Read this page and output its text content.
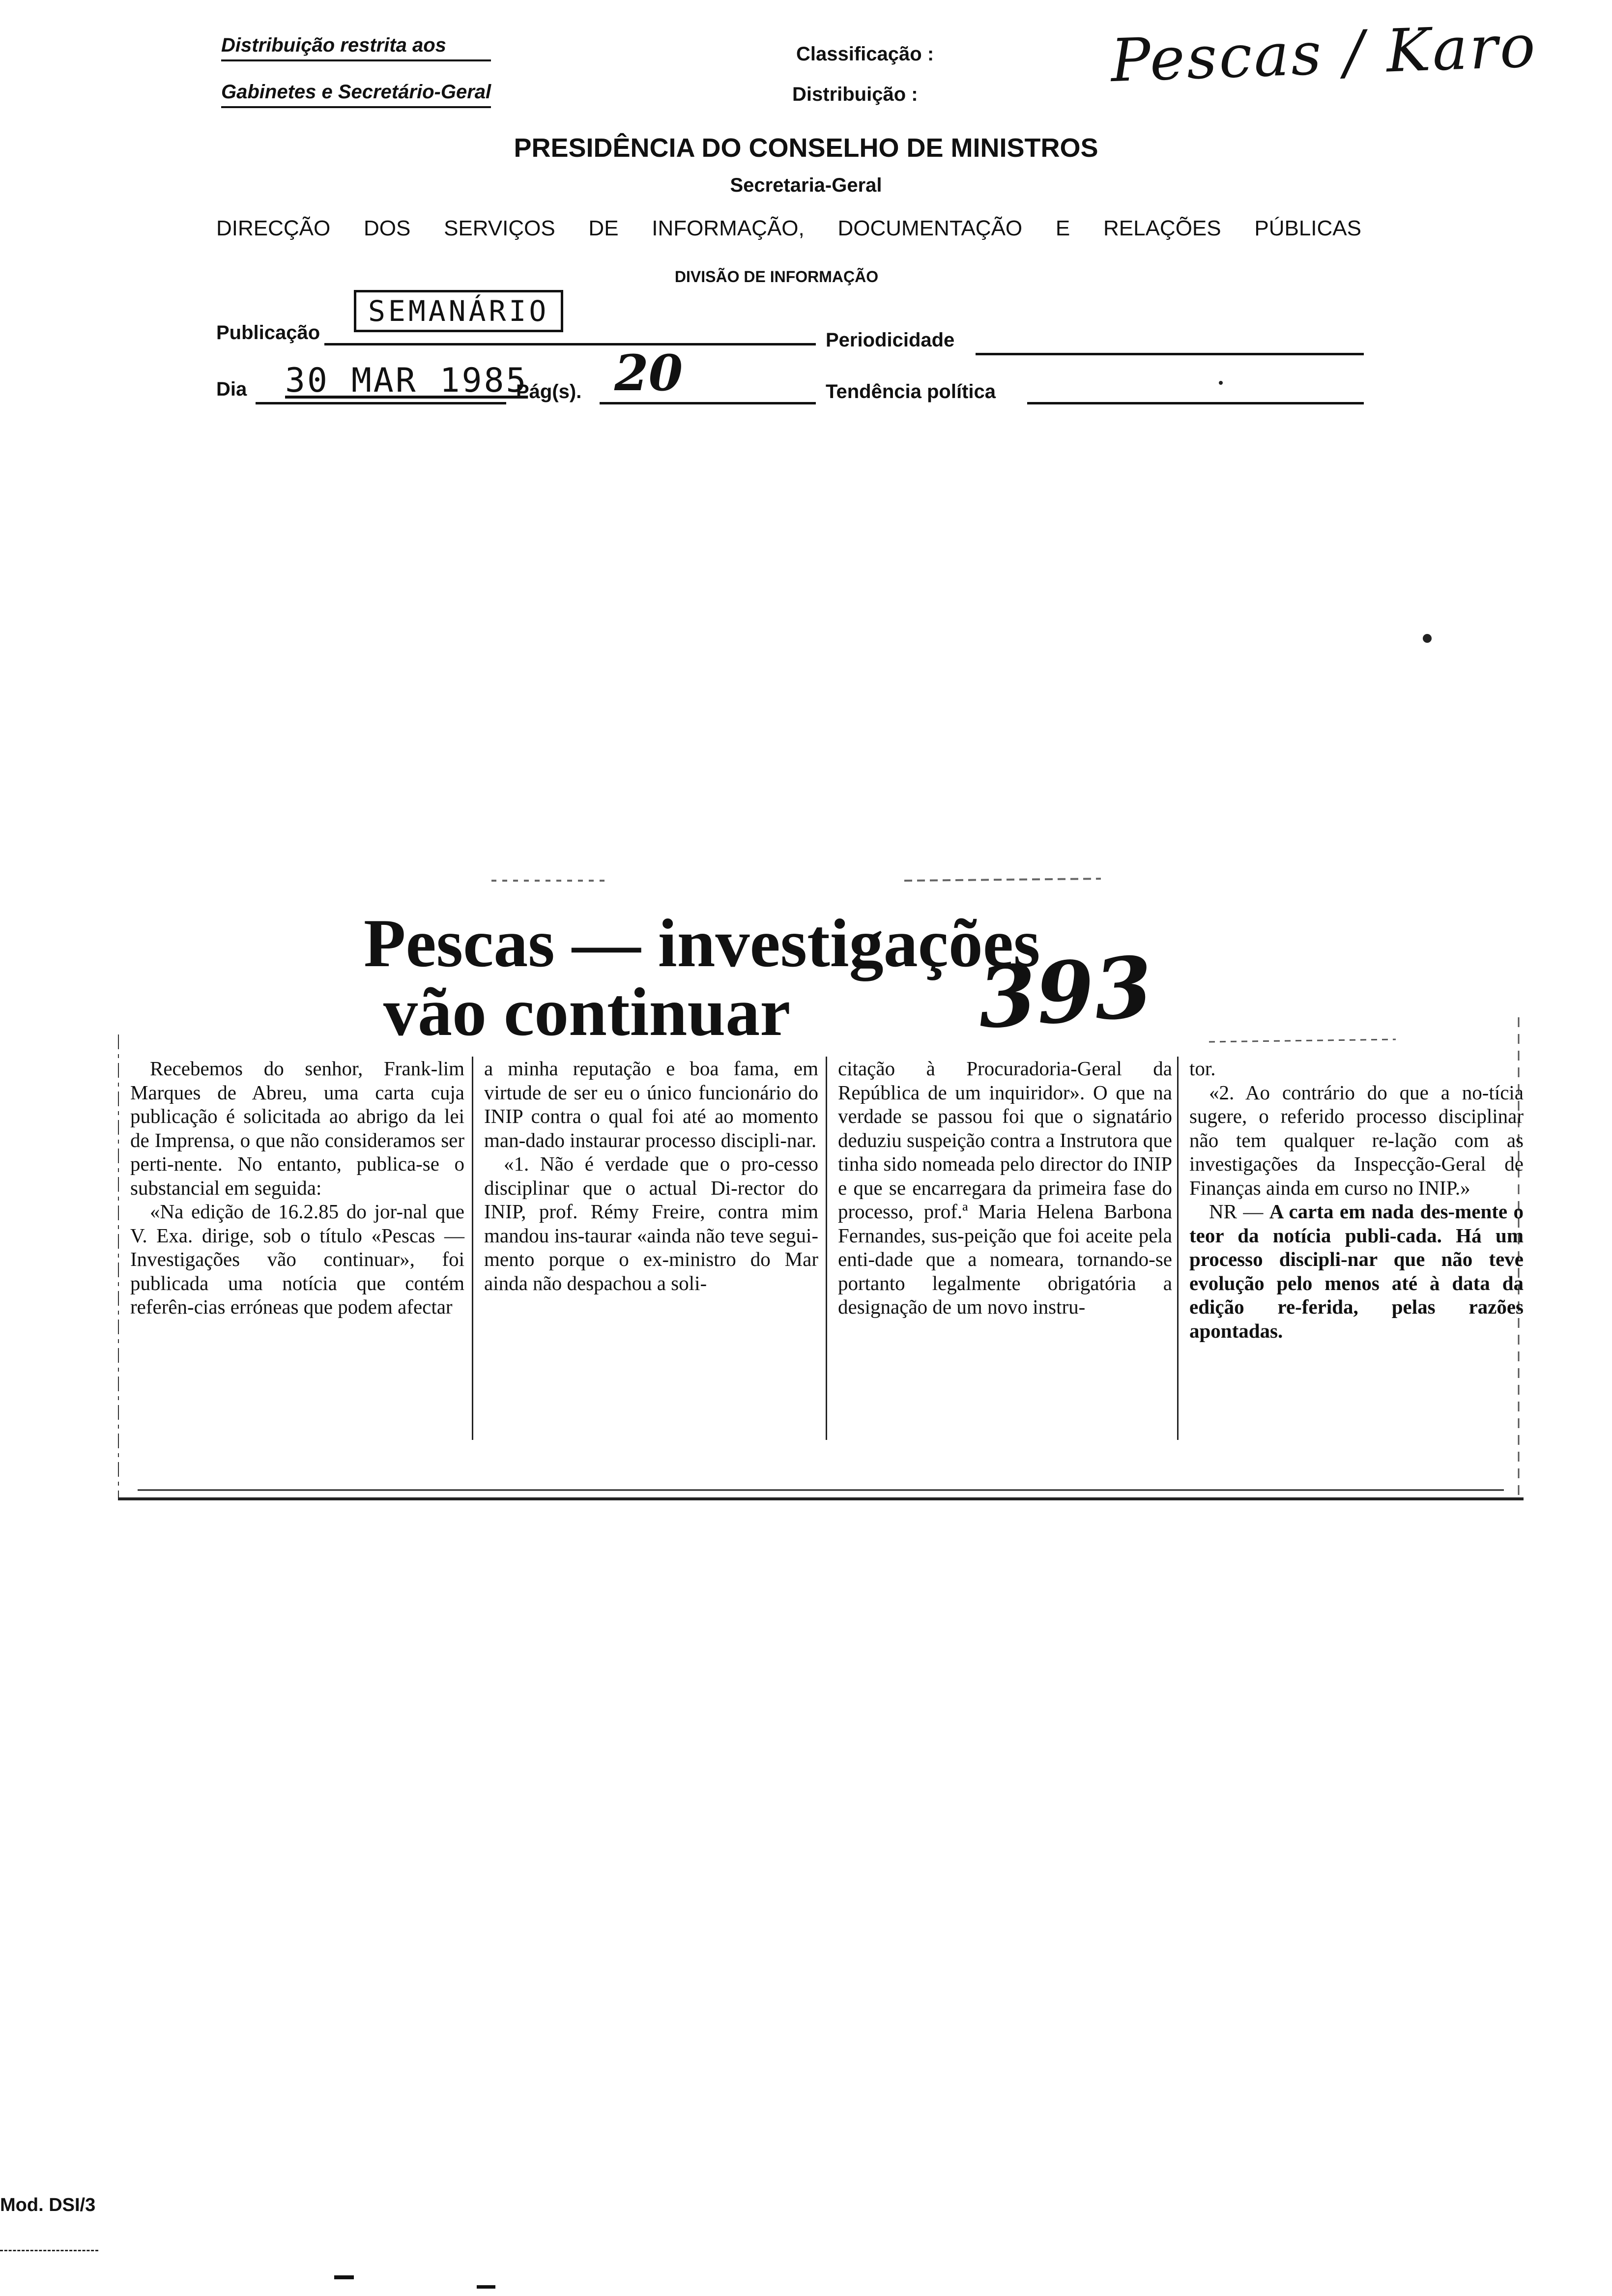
Distribuição restrita aos
Gabinetes e Secretário-Geral
Classificação :
Distribuição :	Pescas / Karo
PRESIDÊNCIA DO CONSELHO DE MINISTROS
Secretaria-Geral
DIRECÇÃO DOS SERVIÇOS DE INFORMAÇÃO, DOCUMENTAÇÃO E RELAÇÕES PÚBLICAS
DIVISÃO DE INFORMAÇÃO
Publicação
SEMANÁRIO
Periodicidade
Dia 30 MAR 1985
Pág(s). 20	Tendência política
Pescas — investigações
vão continuar 393

Recebemos do senhor, Frank-lim Marques de Abreu, uma carta cuja publicação é solicitada ao abrigo da lei de Imprensa, o que não consideramos ser perti-nente. No entanto, publica-se o substancial em seguida:

«Na edição de 16.2.85 do jor-nal que V. Exa. dirige, sob o título «Pescas — Investigações vão continuar», foi publicada uma notícia que contém referên-cias erróneas que podem afectar

a minha reputação e boa fama, em virtude de ser eu o único funcionário do INIP contra o qual foi até ao momento man-dado instaurar processo discipli-nar.

«1. Não é verdade que o pro-cesso disciplinar que o actual Di-rector do INIP, prof. Rémy Freire, contra mim mandou ins-taurar «ainda não teve segui-mento porque o ex-ministro do Mar ainda não despachou a soli-

citação à Procuradoria-Geral da República de um inquiridor». O que na verdade se passou foi que o signatário deduziu suspeição contra a Instrutora que tinha sido nomeada pelo director do INIP e que se encarregara da primeira fase do processo, prof.ª Maria Helena Barbona Fernandes, sus-peição que foi aceite pela enti-dade que a nomeara, tornando-se portanto legalmente obrigatória a designação de um novo instru-

tor.

«2. Ao contrário do que a no-tícia sugere, o referido processo disciplinar não tem qualquer re-lação com as investigações da Inspecção-Geral de Finanças ainda em curso no INIP.»

NR — A carta em nada des-mente o teor da notícia publi-cada. Há um processo discipli-nar que não teve evolução pelo menos até à data da edição re-ferida, pelas razões apontadas.

Mod. DSI/3
